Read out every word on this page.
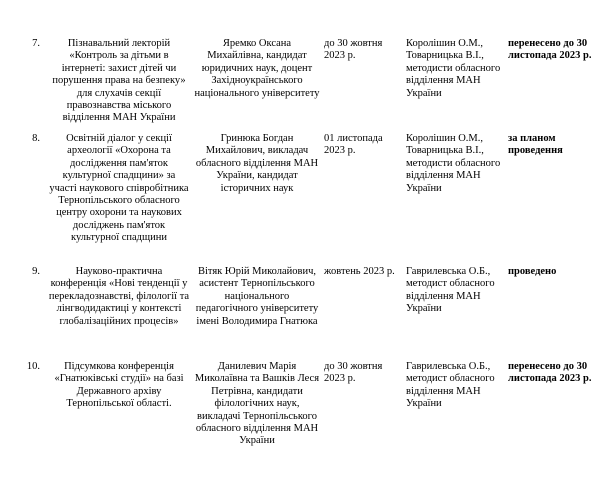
7.	Пізнавальний лекторій «Контроль за дітьми в інтернеті: захист дітей чи порушення права на безпеку» для слухачів секції правознавства міського відділення МАН України	Яремко Оксана Михайлівна, кандидат юридичних наук, доцент Західноукраїнського національного університету	до 30 жовтня 2023 р.	Королішин О.М., Товарницька В.І., методисти обласного відділення МАН України	перенесено до 30 листопада 2023 р.
8.	Освітній діалог у секції археології «Охорона та дослідження пам'яток культурної спадщини» за участі наукового співробітника Тернопільського обласного центру охорони та наукових досліджень пам'яток культурної спадщини	Гринюка Богдан Михайлович, викладач обласного відділення МАН України, кандидат історичних наук	01 листопада 2023 р.	Королішин О.М., Товарницька В.І., методисти обласного відділення МАН України	за планом проведення
9.	Науково-практична конференція «Нові тенденції у перекладознавстві, філології та лінгводидактиці у контексті глобалізаційних процесів»	Вітяк Юрій Миколайович, асистент Тернопільського національного педагогічного університету імені Володимира Гнатюка	жовтень 2023 р.	Гаврилевська О.Б., методист обласного відділення МАН України	проведено
10.	Підсумкова конференція «Гнатюківські студії» на базі Державного архіву Тернопільської області.	Данилевич Марія Миколаївна та Вашків Леся Петрівна, кандидати філологічних наук, викладачі Тернопільського обласного відділення МАН України	до 30 жовтня 2023 р.	Гаврилевська О.Б., методист обласного відділення МАН України	перенесено до 30 листопада 2023 р.
